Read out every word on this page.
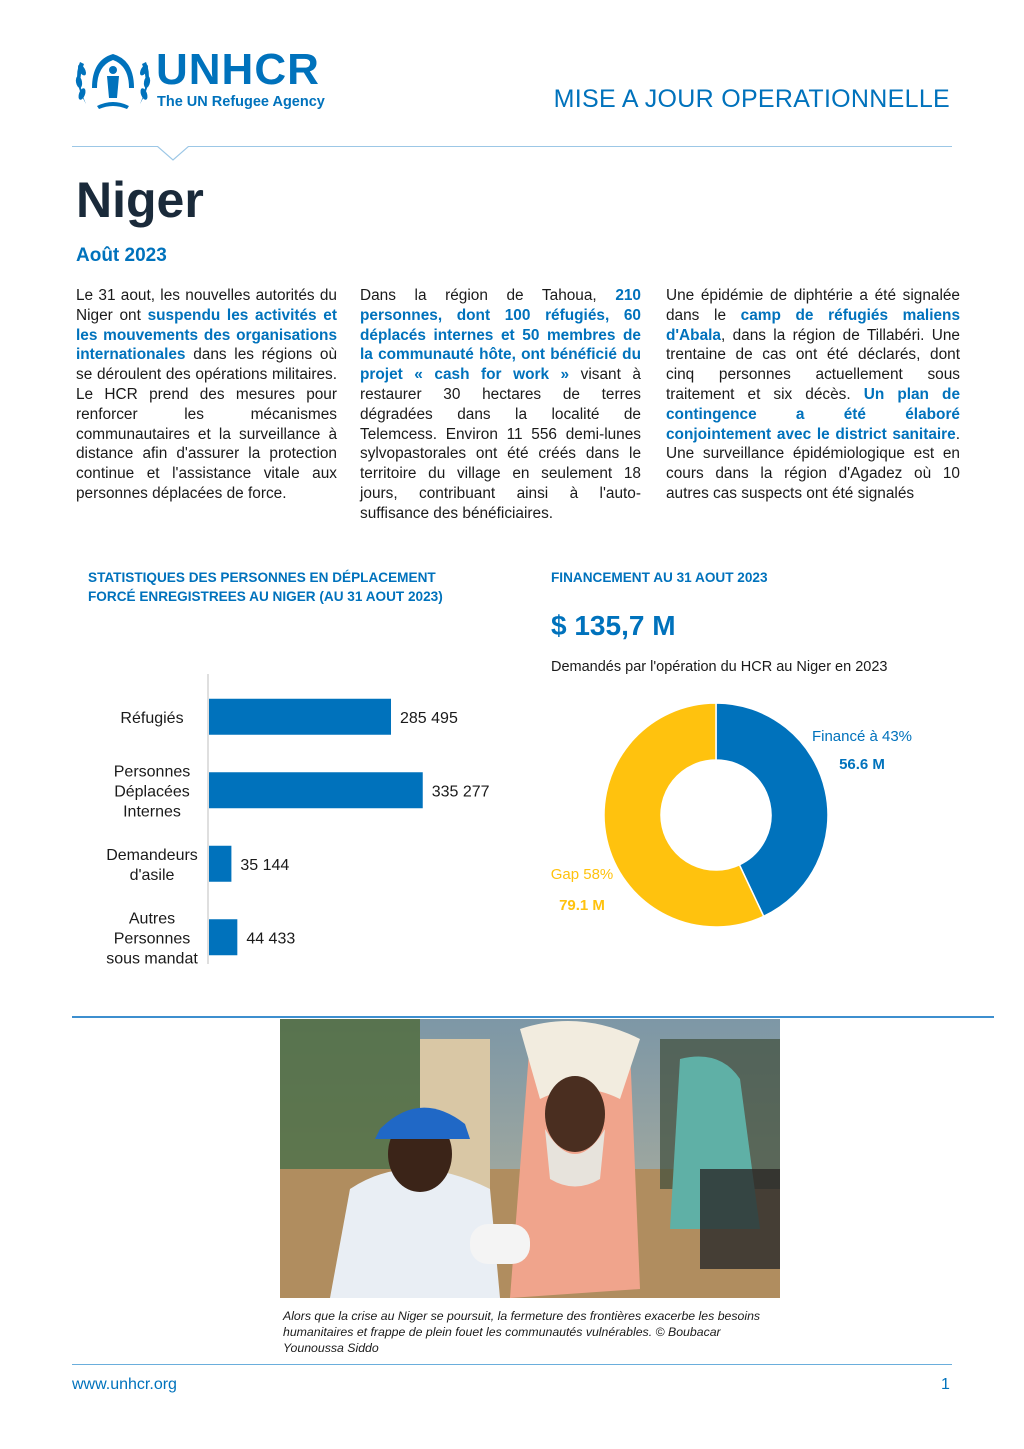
UNHCR
The UN Refugee Agency	MISE A JOUR OPERATIONNELLE
Niger
Août 2023
Le 31 aout, les nouvelles autorités du Niger ont suspendu les activités et les mouvements des organisations internationales dans les régions où se déroulent des opérations militaires. Le HCR prend des mesures pour renforcer les mécanismes communautaires et la surveillance à distance afin d'assurer la protection continue et l'assistance vitale aux personnes déplacées de force.
Dans la région de Tahoua, 210 personnes, dont 100 réfugiés, 60 déplacés internes et 50 membres de la communauté hôte, ont bénéficié du projet « cash for work » visant à restaurer 30 hectares de terres dégradées dans la localité de Telemcess. Environ 11 556 demi-lunes sylvopastorales ont été créés dans le territoire du village en seulement 18 jours, contribuant ainsi à l'auto-suffisance des bénéficiaires.
Une épidémie de diphtérie a été signalée dans le camp de réfugiés maliens d'Abala, dans la région de Tillabéri. Une trentaine de cas ont été déclarés, dont cinq personnes actuellement sous traitement et six décès. Un plan de contingence a été élaboré conjointement avec le district sanitaire. Une surveillance épidémiologique est en cours dans la région d'Agadez où 10 autres cas suspects ont été signalés
STATISTIQUES DES PERSONNES EN DÉPLACEMENT
FORCÉ ENREGISTREES AU NIGER (AU 31 AOUT 2023)
285 495
Réfugiés
335 277
Personnes Déplacées Internes
35 144
Demandeurs d'asile
44 433
Autres Personnes sous mandat
FINANCEMENT AU 31 AOUT 2023
$ 135,7 M
Demandés par l'opération du HCR au Niger en 2023
Financé à 43%
56.6 M
Gap 58%
79.1 M
Alors que la crise au Niger se poursuit, la fermeture des frontières exacerbe les besoins humanitaires et frappe de plein fouet les communautés vulnérables. © Boubacar Younoussa Siddo
www.unhcr.org	1
